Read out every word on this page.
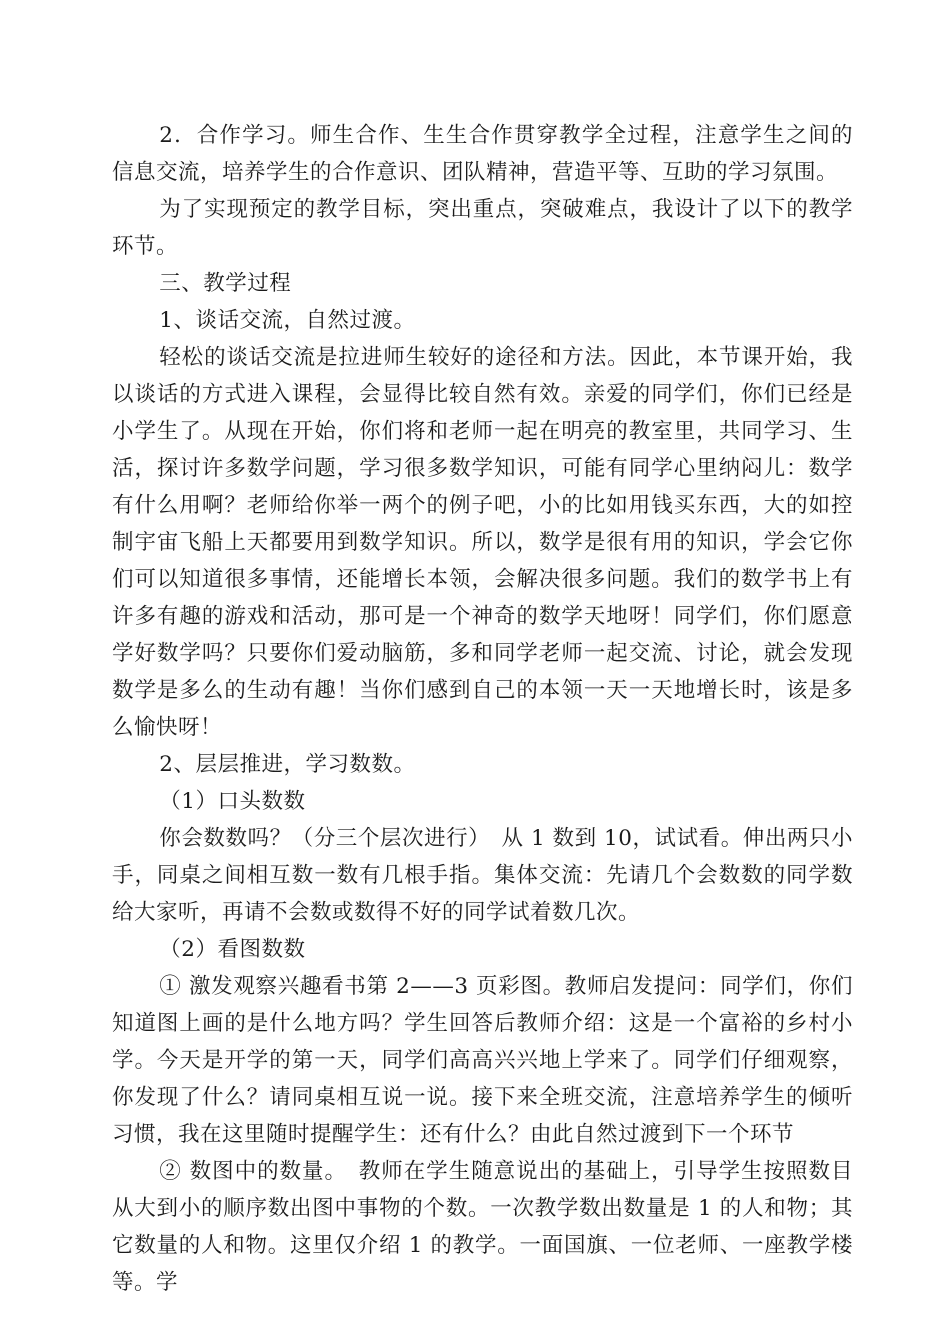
2．合作学习。师生合作、生生合作贯穿教学全过程，注意学生之间的信息交流，培养学生的合作意识、团队精神，营造平等、互助的学习氛围。

为了实现预定的教学目标，突出重点，突破难点，我设计了以下的教学环节。

三、教学过程

1、谈话交流，自然过渡。

轻松的谈话交流是拉进师生较好的途径和方法。因此，本节课开始，我以谈话的方式进入课程，会显得比较自然有效。亲爱的同学们，你们已经是小学生了。从现在开始，你们将和老师一起在明亮的教室里，共同学习、生活，探讨许多数学问题，学习很多数学知识，可能有同学心里纳闷儿：数学有什么用啊？老师给你举一两个的例子吧，小的比如用钱买东西，大的如控制宇宙飞船上天都要用到数学知识。所以，数学是很有用的知识，学会它你们可以知道很多事情，还能增长本领，会解决很多问题。我们的数学书上有许多有趣的游戏和活动，那可是一个神奇的数学天地呀！同学们，你们愿意学好数学吗？只要你们爱动脑筋，多和同学老师一起交流、讨论，就会发现数学是多么的生动有趣！当你们感到自己的本领一天一天地增长时，该是多么愉快呀！

2、层层推进，学习数数。

（1）口头数数

你会数数吗？（分三个层次进行）　从 1 数到 10，试试看。伸出两只小手，同桌之间相互数一数有几根手指。集体交流：先请几个会数数的同学数给大家听，再请不会数或数得不好的同学试着数几次。

（2）看图数数

① 激发观察兴趣看书第 2——3 页彩图。教师启发提问：同学们，你们知道图上画的是什么地方吗？学生回答后教师介绍：这是一个富裕的乡村小学。今天是开学的第一天，同学们高高兴兴地上学来了。同学们仔细观察，你发现了什么？请同桌相互说一说。接下来全班交流，注意培养学生的倾听习惯，我在这里随时提醒学生：还有什么？由此自然过渡到下一个环节

② 数图中的数量。　教师在学生随意说出的基础上，引导学生按照数目从大到小的顺序数出图中事物的个数。一次教学数出数量是 1 的人和物；其它数量的人和物。这里仅介绍 1 的教学。一面国旗、一位老师、一座教学楼等。学
